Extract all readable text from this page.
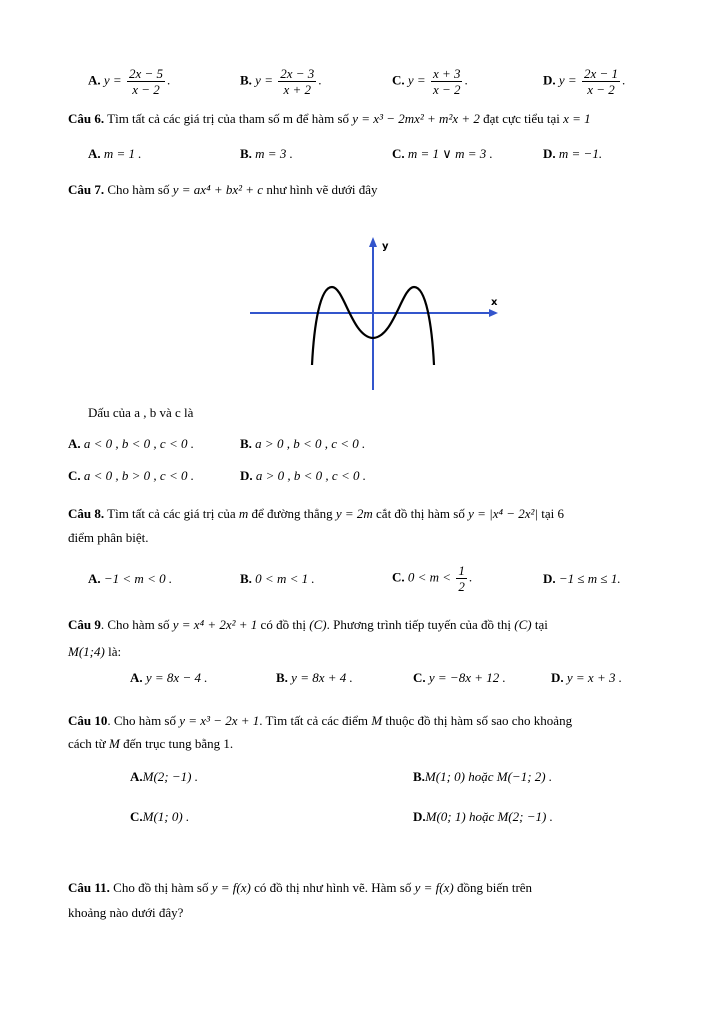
A. $y = \frac{2x - 5}{x - 2}$ .	B. $y = \frac{2x - 3}{x + 2}$ .	C. $y = \frac{x + 3}{x - 2}$ .	D. $y = \frac{2x - 1}{x - 2}$ .
Câu 6. Tìm tất cả các giá trị của tham số m để hàm số y = x³ − 2mx² + m²x + 2 đạt cực tiểu tại x = 1
A. m = 1 .	B. m = 3 .	C. m = 1 ∨ m = 3 .	D. m = −1.
Câu 7. Cho hàm số y = ax⁴ + bx² + c như hình vẽ dưới đây
x
y
Dấu của a , b và c là
A. a < 0 , b < 0 , c < 0 .	B. a > 0 , b < 0 , c < 0 .
C. a < 0 , b > 0 , c < 0 .	D. a > 0 , b < 0 , c < 0 .
Câu 8. Tìm tất cả các giá trị của m để đường thẳng y = 2m cắt đồ thị hàm số y = |x⁴ − 2x²| tại 6
điểm phân biệt.
A. −1 < m < 0 .	B. 0 < m < 1 .	C. $0 < m < \frac{1}{2}$ .	D. −1 ≤ m ≤ 1.
Câu 9. Cho hàm số y = x⁴ + 2x² + 1 có đồ thị (C). Phương trình tiếp tuyến của đồ thị (C) tại
M(1;4) là:
A. y = 8x − 4 .	B. y = 8x + 4 .	C. y = −8x + 12 .	D. y = x + 3 .
Câu 10. Cho hàm số y = x³ − 2x + 1. Tìm tất cả các điểm M thuộc đồ thị hàm số sao cho khoảng
cách từ M đến trục tung bằng 1.
A.M(2; −1) .	B.M(1; 0) hoặc M(−1; 2) .
C.M(1; 0) .	D.M(0; 1) hoặc M(2; −1) .
Câu 11. Cho đồ thị hàm số y = f(x) có đồ thị như hình vẽ. Hàm số y = f(x) đồng biến trên
khoảng nào dưới đây?
